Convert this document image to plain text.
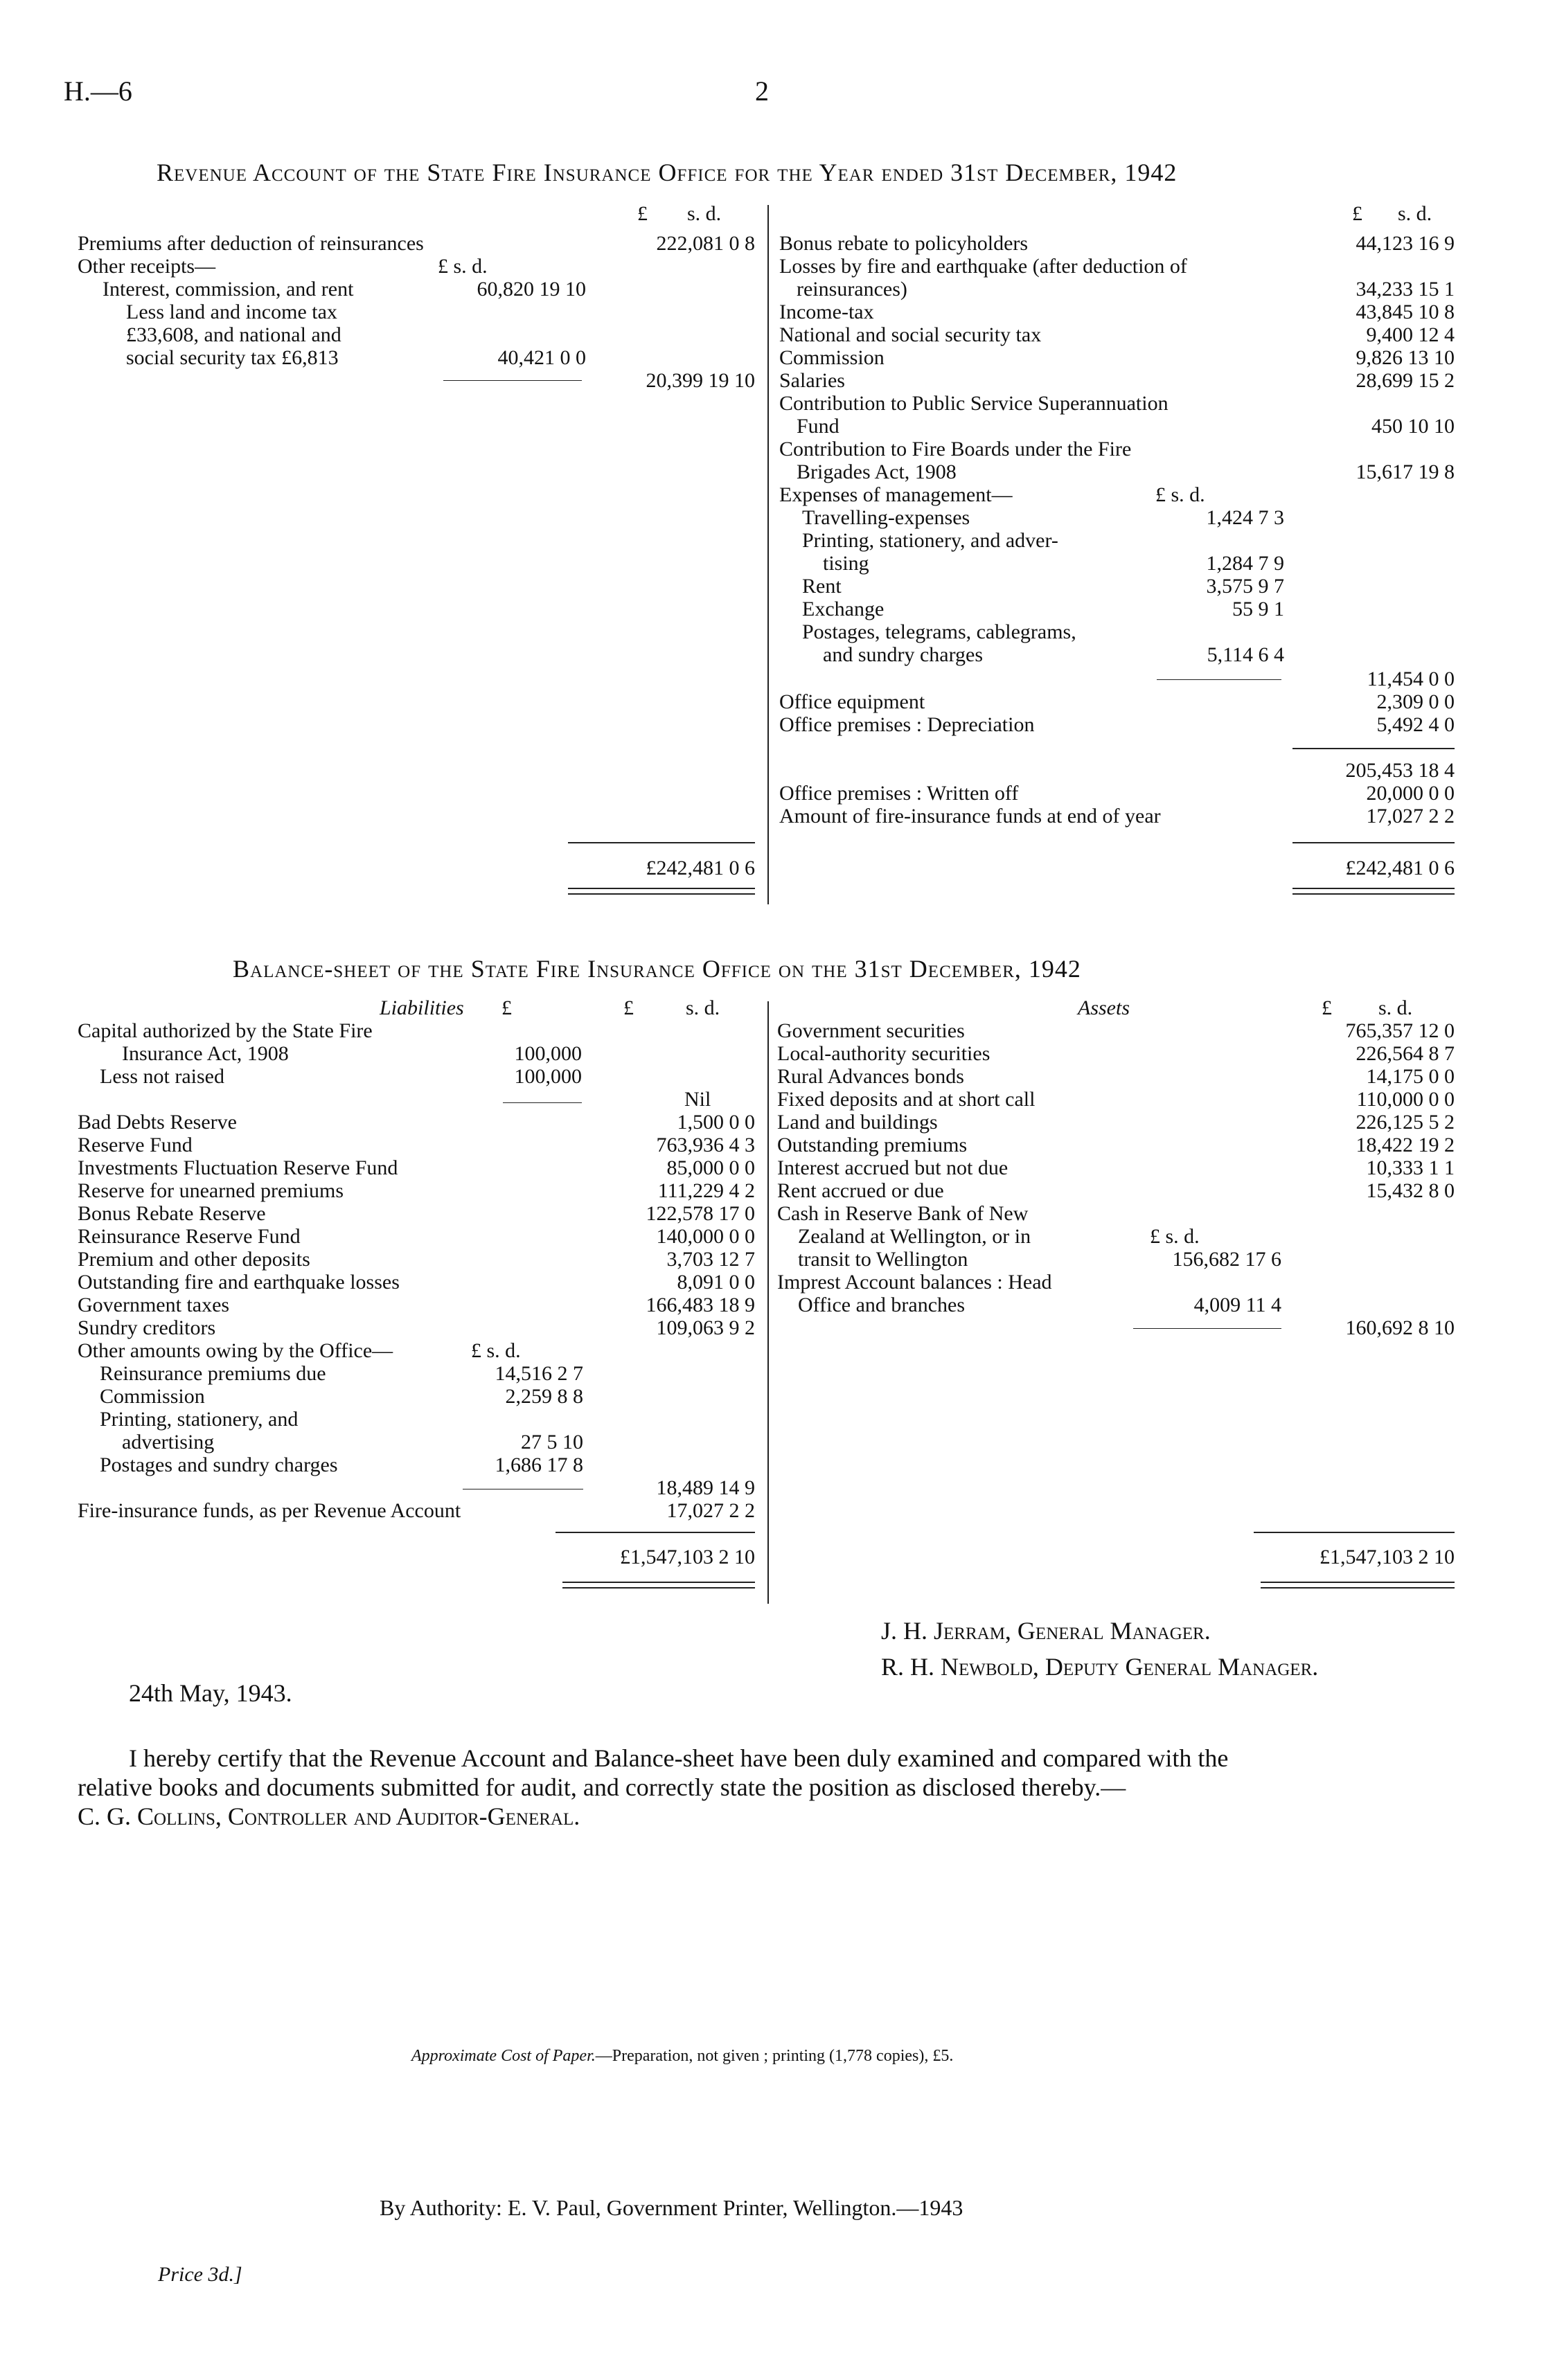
H.—6	2
Revenue Account of the State Fire Insurance Office for the Year ended 31st December, 1942
£ s. d.	£ s. d.
Premiums after deduction of reinsurances	222,081 0 8
Other receipts—	£ s. d.
Interest, commission, and rent	60,820 19 10
Less land and income tax
£33,608, and national and
social security tax £6,813	40,421 0 0
20,399 19 10
£242,481 0 6
Bonus rebate to policyholders	44,123 16 9
Losses by fire and earthquake (after deduction of
reinsurances)	34,233 15 1
Income-tax	43,845 10 8
National and social security tax	9,400 12 4
Commission	9,826 13 10
Salaries	28,699 15 2
Contribution to Public Service Superannuation
Fund	450 10 10
Contribution to Fire Boards under the Fire
Brigades Act, 1908	15,617 19 8
Expenses of management—	£ s. d.
Travelling-expenses	1,424 7 3
Printing, stationery, and adver-
tising	1,284 7 9
Rent	3,575 9 7
Exchange	55 9 1
Postages, telegrams, cablegrams,
and sundry charges	5,114 6 4
11,454 0 0
Office equipment	2,309 0 0
Office premises : Depreciation	5,492 4 0
205,453 18 4
Office premises : Written off	20,000 0 0
Amount of fire-insurance funds at end of year	17,027 2 2
£242,481 0 6
Balance-sheet of the State Fire Insurance Office on the 31st December, 1942
Liabilities £	£	s. d.	Assets	£ s. d.
Capital authorized by the State Fire
Insurance Act, 1908	100,000
Less not raised	100,000
Nil
Bad Debts Reserve	1,500 0 0
Reserve Fund	763,936 4 3
Investments Fluctuation Reserve Fund	85,000 0 0
Reserve for unearned premiums	111,229 4 2
Bonus Rebate Reserve	122,578 17 0
Reinsurance Reserve Fund	140,000 0 0
Premium and other deposits	3,703 12 7
Outstanding fire and earthquake losses	8,091 0 0
Government taxes	166,483 18 9
Sundry creditors	109,063 9 2
Other amounts owing by the Office—	£ s. d.
Reinsurance premiums due	14,516 2 7
Commission	2,259 8 8
Printing, stationery, and
advertising	27 5 10
Postages and sundry charges	1,686 17 8
18,489 14 9
Fire-insurance funds, as per Revenue Account	17,027 2 2
£1,547,103 2 10
Government securities	765,357 12 0
Local-authority securities	226,564 8 7
Rural Advances bonds	14,175 0 0
Fixed deposits and at short call	110,000 0 0
Land and buildings	226,125 5 2
Outstanding premiums	18,422 19 2
Interest accrued but not due	10,333 1 1
Rent accrued or due	15,432 8 0
Cash in Reserve Bank of New
Zealand at Wellington, or in	£ s. d.
transit to Wellington	156,682 17 6
Imprest Account balances : Head
Office and branches	4,009 11 4
160,692 8 10
£1,547,103 2 10
J. H. Jerram, General Manager.
R. H. Newbold, Deputy General Manager.
24th May, 1943.
I hereby certify that the Revenue Account and Balance-sheet have been duly examined and compared with the
relative books and documents submitted for audit, and correctly state the position as disclosed thereby.—
C. G. Collins, Controller and Auditor-General.
Approximate Cost of Paper.—Preparation, not given ; printing (1,778 copies), £5.
By Authority: E. V. Paul, Government Printer, Wellington.—1943
Price 3d.]
